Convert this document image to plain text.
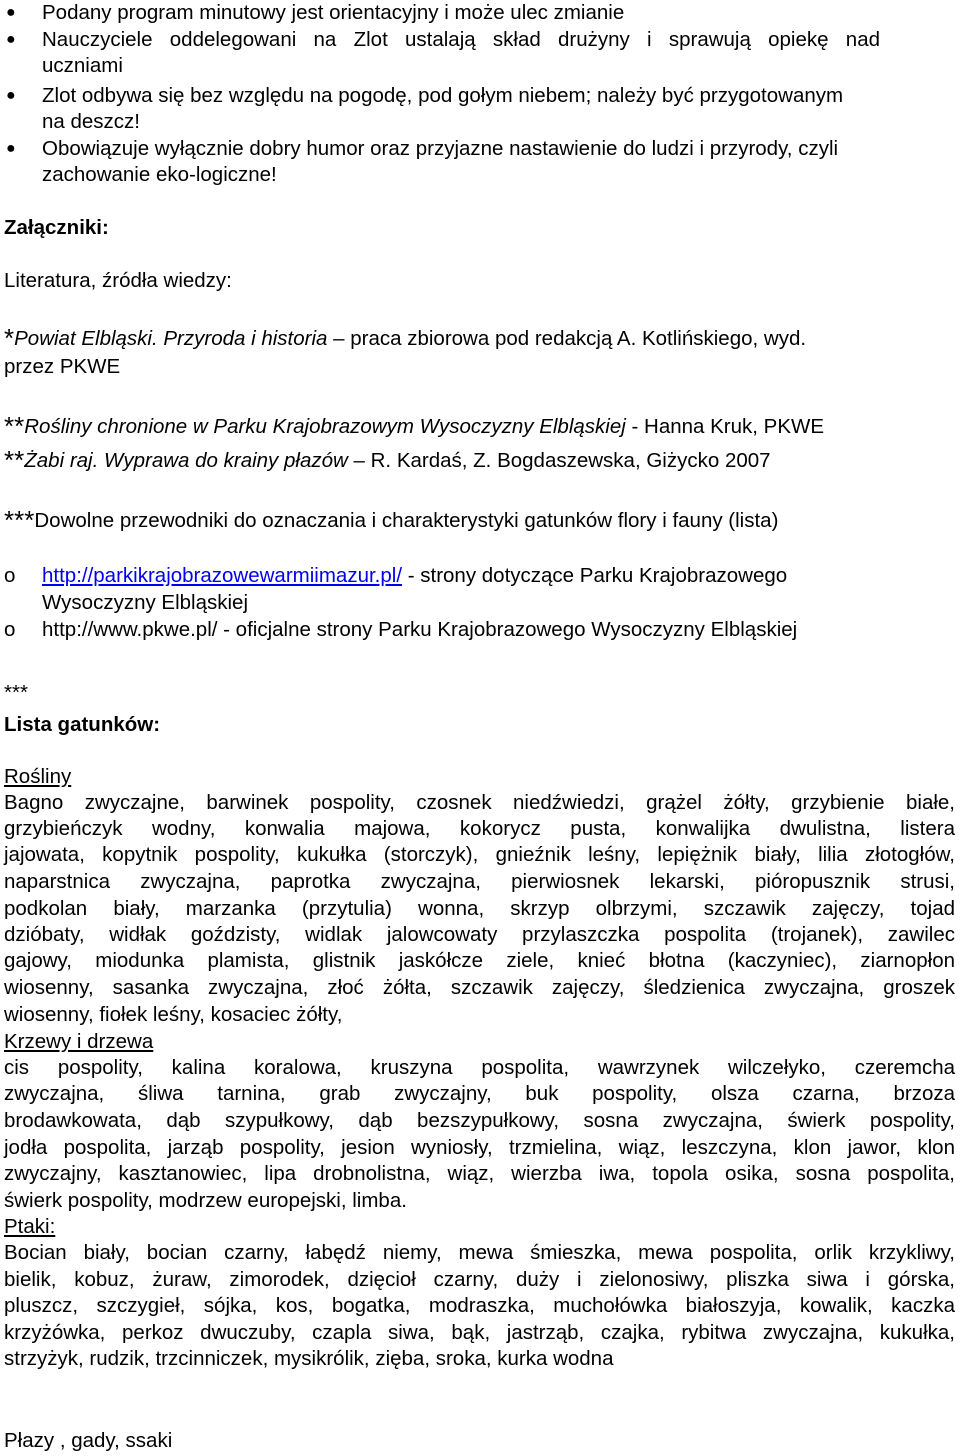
● Podany program minutowy jest orientacyjny i może ulec zmianie
● Nauczyciele oddelegowani na Zlot ustalają skład drużyny i sprawują opiekę nad
uczniami
● Zlot odbywa się bez względu na pogodę, pod gołym niebem; należy być przygotowanym
na deszcz!
● Obowiązuje wyłącznie dobry humor oraz przyjazne nastawienie do ludzi i przyrody, czyli
zachowanie eko-logiczne!
Załączniki:
Literatura, źródła wiedzy:
*Powiat Elbląski. Przyroda i historia – praca zbiorowa pod redakcją A. Kotlińskiego, wyd.
przez PKWE
**Rośliny chronione w Parku Krajobrazowym Wysoczyzny Elbląskiej - Hanna Kruk, PKWE
**Żabi raj. Wyprawa do krainy płazów – R. Kardaś, Z. Bogdaszewska, Giżycko 2007
***Dowolne przewodniki do oznaczania i charakterystyki gatunków flory i fauny (lista)
o http://parkikrajobrazowewarmiimazur.pl/ - strony dotyczące Parku Krajobrazowego
Wysoczyzny Elbląskiej
o http://www.pkwe.pl/ - oficjalne strony Parku Krajobrazowego Wysoczyzny Elbląskiej
***
Lista gatunków:
Rośliny
Bagno zwyczajne, barwinek pospolity, czosnek niedźwiedzi, grążel żółty, grzybienie białe,
grzybieńczyk wodny, konwalia majowa, kokorycz pusta, konwalijka dwulistna, listera
jajowata, kopytnik pospolity, kukułka (storczyk), gnieźnik leśny, lepiężnik biały, lilia złotogłów,
naparstnica zwyczajna, paprotka zwyczajna, pierwiosnek lekarski, pióropusznik strusi,
podkolan biały, marzanka (przytulia) wonna, skrzyp olbrzymi, szczawik zajęczy, tojad
dzióbaty, widłak goździsty, widlak jalowcowaty przylaszczka pospolita (trojanek), zawilec
gajowy, miodunka plamista, glistnik jaskółcze ziele, knieć błotna (kaczyniec), ziarnopłon
wiosenny, sasanka zwyczajna, złoć żółta, szczawik zajęczy, śledzienica zwyczajna, groszek
wiosenny, fiołek leśny, kosaciec żółty,
Krzewy i drzewa
cis pospolity, kalina koralowa, kruszyna pospolita, wawrzynek wilczełyko, czeremcha
zwyczajna, śliwa tarnina, grab zwyczajny, buk pospolity, olsza czarna, brzoza
brodawkowata, dąb szypułkowy, dąb bezszypułkowy, sosna zwyczajna, świerk pospolity,
jodła pospolita, jarząb pospolity, jesion wyniosły, trzmielina, wiąz, leszczyna, klon jawor, klon
zwyczajny, kasztanowiec, lipa drobnolistna, wiąz, wierzba iwa, topola osika, sosna pospolita,
świerk pospolity, modrzew europejski, limba.
Ptaki:
Bocian biały, bocian czarny, łabędź niemy, mewa śmieszka, mewa pospolita, orlik krzykliwy,
bielik, kobuz, żuraw, zimorodek, dzięcioł czarny, duży i zielonosiwy, pliszka siwa i górska,
pluszcz, szczygieł, sójka, kos, bogatka, modraszka, muchołówka białoszyja, kowalik, kaczka
krzyżówka, perkoz dwuczuby, czapla siwa, bąk, jastrząb, czajka, rybitwa zwyczajna, kukułka,
strzyżyk, rudzik, trzcinniczek, mysikrólik, zięba, sroka, kurka wodna
Płazy , gady, ssaki
